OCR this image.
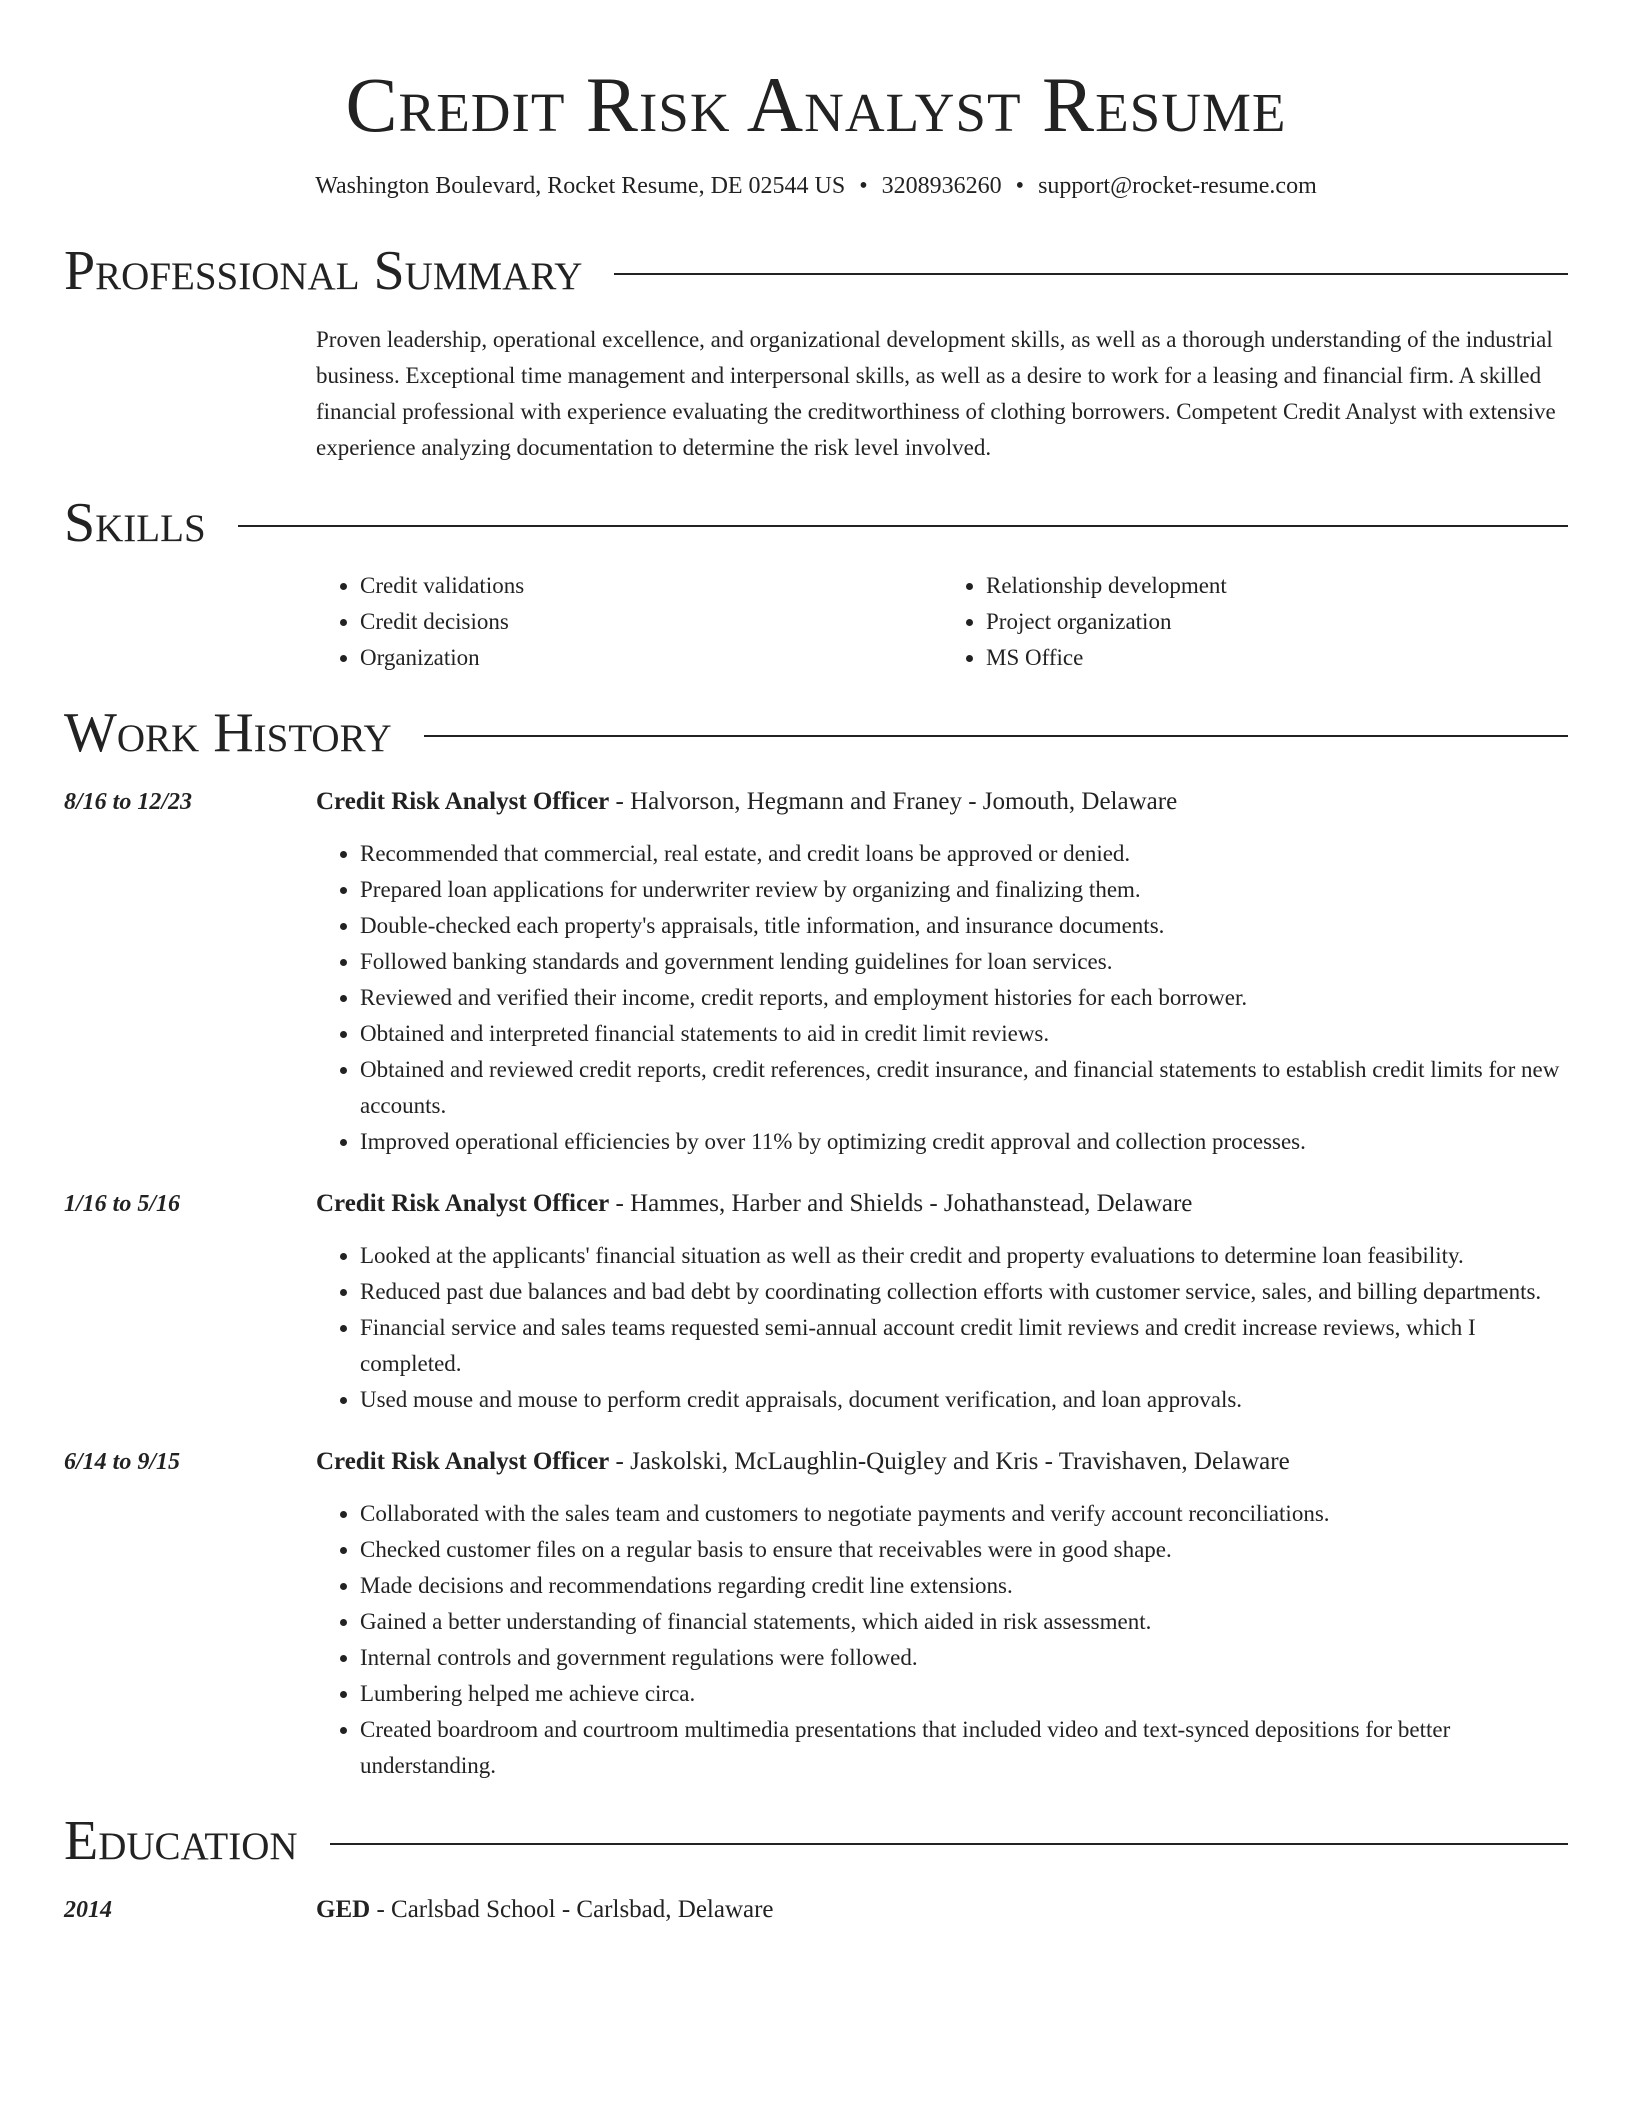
Credit Risk Analyst Resume
Washington Boulevard, Rocket Resume, DE 02544 US • 3208936260 • support@rocket-resume.com
Professional Summary
Proven leadership, operational excellence, and organizational development skills, as well as a thorough understanding of the industrial business. Exceptional time management and interpersonal skills, as well as a desire to work for a leasing and financial firm. A skilled financial professional with experience evaluating the creditworthiness of clothing borrowers. Competent Credit Analyst with extensive experience analyzing documentation to determine the risk level involved.
Skills
• Credit validations
• Credit decisions
• Organization
• Relationship development
• Project organization
• MS Office
Work History
8/16 to 12/23	Credit Risk Analyst Officer - Halvorson, Hegmann and Franey - Jomouth, Delaware
• Recommended that commercial, real estate, and credit loans be approved or denied.
• Prepared loan applications for underwriter review by organizing and finalizing them.
• Double-checked each property's appraisals, title information, and insurance documents.
• Followed banking standards and government lending guidelines for loan services.
• Reviewed and verified their income, credit reports, and employment histories for each borrower.
• Obtained and interpreted financial statements to aid in credit limit reviews.
• Obtained and reviewed credit reports, credit references, credit insurance, and financial statements to establish credit limits for new accounts.
• Improved operational efficiencies by over 11% by optimizing credit approval and collection processes.
1/16 to 5/16	Credit Risk Analyst Officer - Hammes, Harber and Shields - Johathanstead, Delaware
• Looked at the applicants' financial situation as well as their credit and property evaluations to determine loan feasibility.
• Reduced past due balances and bad debt by coordinating collection efforts with customer service, sales, and billing departments.
• Financial service and sales teams requested semi-annual account credit limit reviews and credit increase reviews, which I completed.
• Used mouse and mouse to perform credit appraisals, document verification, and loan approvals.
6/14 to 9/15	Credit Risk Analyst Officer - Jaskolski, McLaughlin-Quigley and Kris - Travishaven, Delaware
• Collaborated with the sales team and customers to negotiate payments and verify account reconciliations.
• Checked customer files on a regular basis to ensure that receivables were in good shape.
• Made decisions and recommendations regarding credit line extensions.
• Gained a better understanding of financial statements, which aided in risk assessment.
• Internal controls and government regulations were followed.
• Lumbering helped me achieve circa.
• Created boardroom and courtroom multimedia presentations that included video and text-synced depositions for better understanding.
Education
2014	GED - Carlsbad School - Carlsbad, Delaware
